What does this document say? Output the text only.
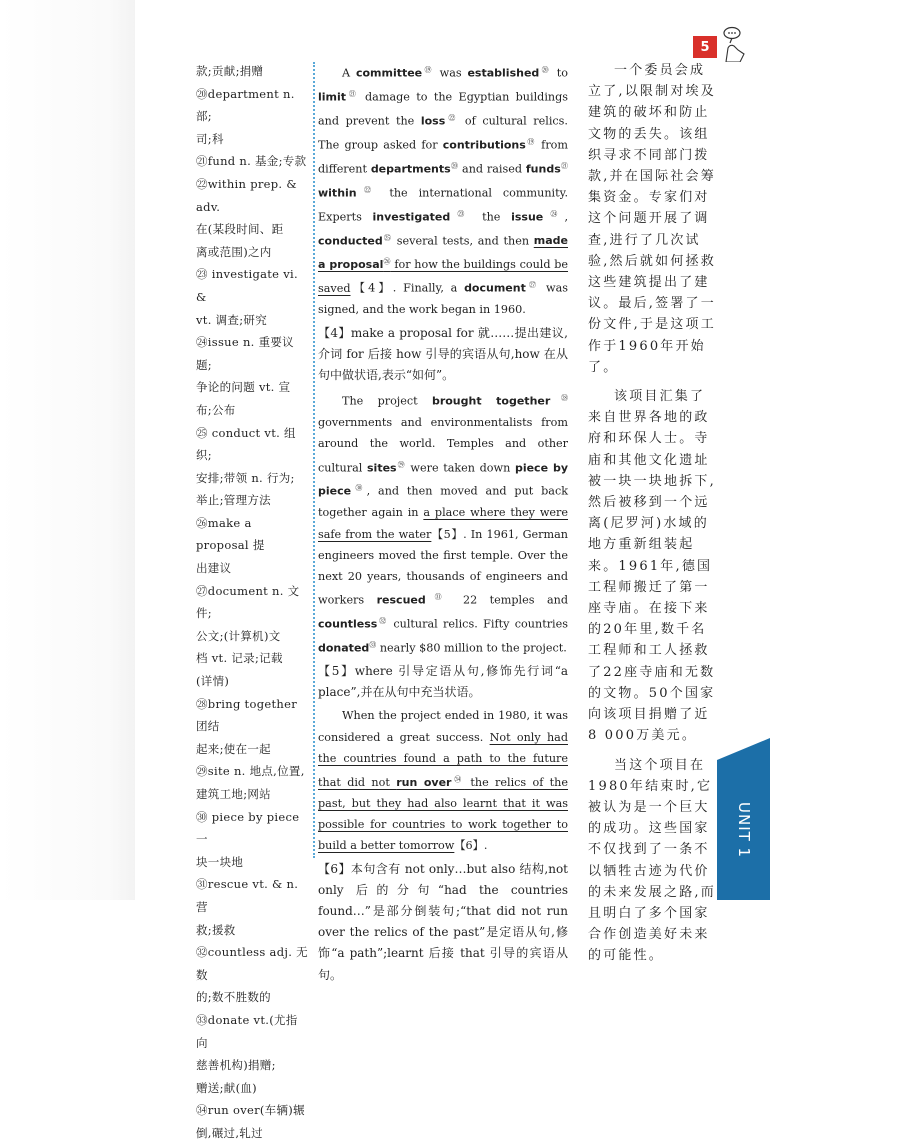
5

款;贡献;捐赠

⑳department n. 部;

司;科

㉑fund n. 基金;专款

㉒within prep. & adv.

在(某段时间、距

离或范围)之内

㉓ investigate vi. &

vt. 调查;研究

㉔issue n. 重要议题;

争论的问题 vt. 宣

布;公布

㉕ conduct vt. 组织;

安排;带领 n. 行为;

举止;管理方法

㉖make a proposal 提

出建议

㉗document n. 文件;

公文;(计算机)文

档 vt. 记录;记载

(详情)

㉘bring together 团结

起来;使在一起

㉙site n. 地点,位置,

建筑工地;网站

㉚ piece by piece 一

块一块地

㉛rescue vt. & n. 营

救;援救

㉜countless adj. 无数

的;数不胜数的

㉝donate vt.(尤指向

慈善机构)捐赠;

赠送;献(血)

㉞run over(车辆)辗

倒,碾过,轧过

A committee⑲ was established⑳ to limit$^㉑$ damage to the Egyptian buildings and prevent the loss$^㉒$ of cultural relics. The group asked for contributions⑲ from different departments⑳ and raised funds$^㉑$ within$^㉒$ the international community. Experts investigated$^㉓$ the issue$^㉔$, conducted$^㉕$ several tests, and then made a proposal$^㉖$ for how the buildings could be saved【4】. Finally, a document$^㉗$ was signed, and the work began in 1960.

【4】make a proposal for 就……提出建议,介词 for 后接 how 引导的宾语从句,how 在从句中做状语,表示“如何”。

The project brought together$^㉘$ governments and environmentalists from around the world. Temples and other cultural sites$^㉙$ were taken down piece by piece$^㉚$, and then moved and put back together again in a place where they were safe from the water【5】. In 1961, German engineers moved the first temple. Over the next 20 years, thousands of engineers and workers rescued$^㉛$ 22 temples and countless$^㉜$ cultural relics. Fifty countries donated$^㉝$ nearly $80 million to the project.

【5】where 引导定语从句,修饰先行词“a place”,并在从句中充当状语。

When the project ended in 1980, it was considered a great success. Not only had the countries found a path to the future that did not run over$^㉞$ the relics of the past, but they had also learnt that it was possible for countries to work together to build a better tomorrow【6】.

【6】本句含有 not only…but also 结构,not only 后的分句“had the countries found…”是部分倒装句;“that did not run over the relics of the past”是定语从句,修饰“a path”;learnt 后接 that 引导的宾语从句。

一个委员会成立了,以限制对埃及建筑的破坏和防止文物的丢失。该组织寻求不同部门拨款,并在国际社会筹集资金。专家们对这个问题开展了调查,进行了几次试验,然后就如何拯救这些建筑提出了建议。最后,签署了一份文件,于是这项工作于1960年开始了。

该项目汇集了来自世界各地的政府和环保人士。寺庙和其他文化遗址被一块一块地拆下,然后被移到一个远离(尼罗河)水域的地方重新组装起来。1961年,德国工程师搬迁了第一座寺庙。在接下来的20年里,数千名工程师和工人拯救了22座寺庙和无数的文物。50个国家向该项目捐赠了近8 000万美元。

当这个项目在1980年结束时,它被认为是一个巨大的成功。这些国家不仅找到了一条不以牺牲古迹为代价的未来发展之路,而且明白了多个国家合作创造美好未来的可能性。

UNIT 1
